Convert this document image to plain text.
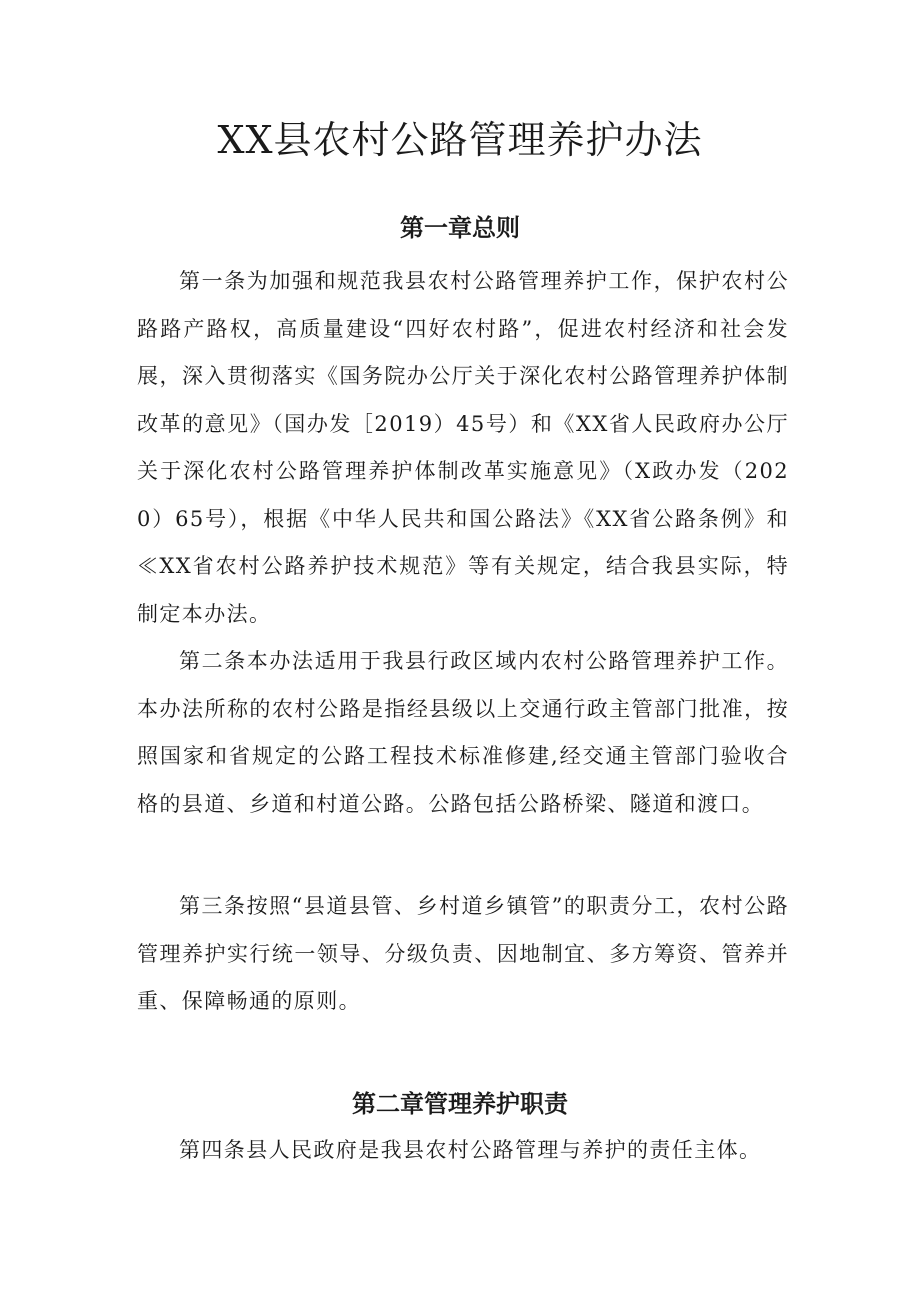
XX县农村公路管理养护办法
第一章总则

第一条为加强和规范我县农村公路管理养护工作，保护农村公路路产路权，高质量建设“四好农村路”，促进农村经济和社会发展，深入贯彻落实《国务院办公厅关于深化农村公路管理养护体制改革的意见》（国办发［2019）45号）和《XX省人民政府办公厅关于深化农村公路管理养护体制改革实施意见》（X政办发（2020）65号），根据《中华人民共和国公路法》《XX省公路条例》和≪XX省农村公路养护技术规范》等有关规定，结合我县实际，特制定本办法。

第二条本办法适用于我县行政区域内农村公路管理养护工作。本办法所称的农村公路是指经县级以上交通行政主管部门批准，按照国家和省规定的公路工程技术标准修建,经交通主管部门验收合格的县道、乡道和村道公路。公路包括公路桥梁、隧道和渡口。

第三条按照“县道县管、乡村道乡镇管”的职责分工，农村公路管理养护实行统一领导、分级负责、因地制宜、多方筹资、管养并重、保障畅通的原则。

第二章管理养护职责

第四条县人民政府是我县农村公路管理与养护的责任主体。
